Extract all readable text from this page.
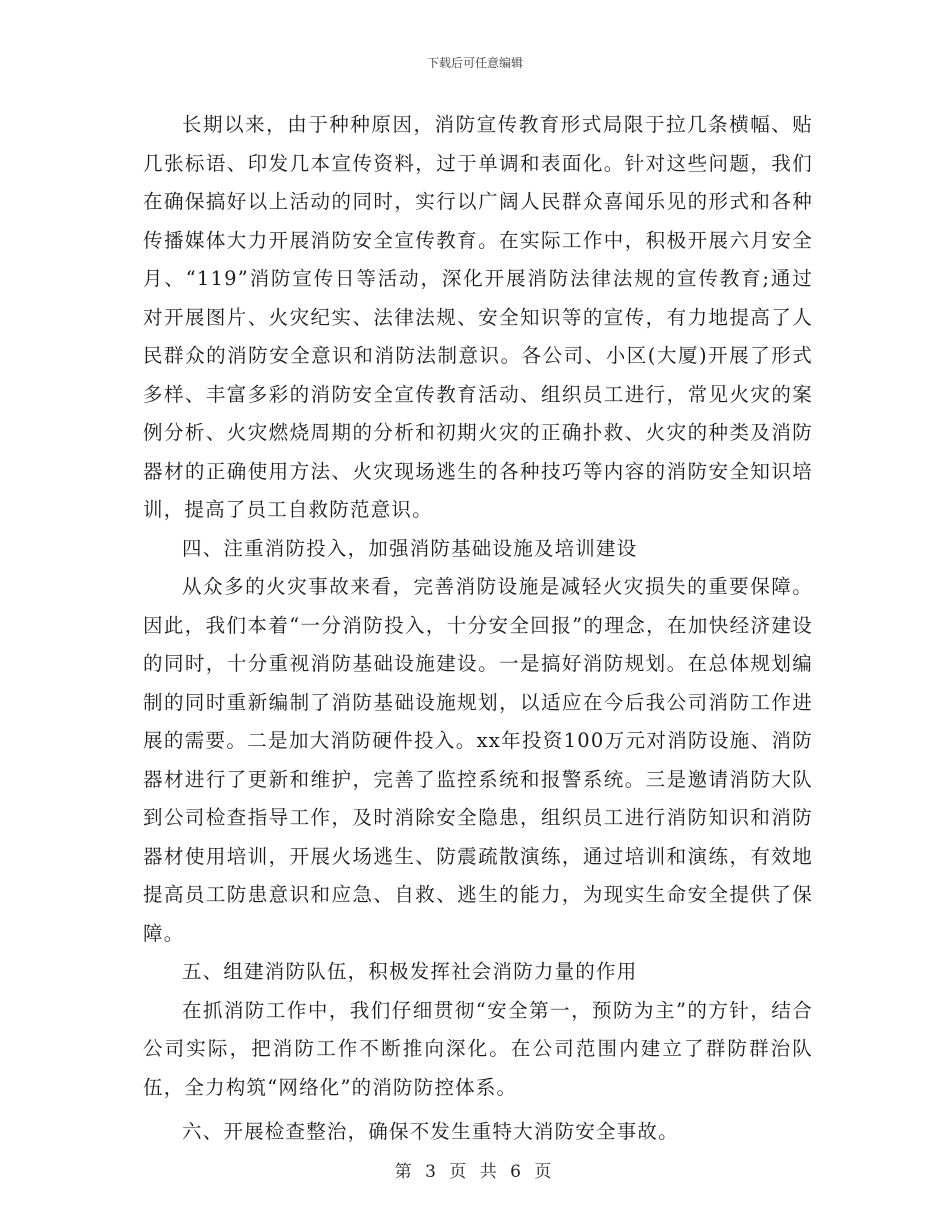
下载后可任意编辑

长期以来，由于种种原因，消防宣传教育形式局限于拉几条横幅、贴几张标语、印发几本宣传资料，过于单调和表面化。针对这些问题，我们在确保搞好以上活动的同时，实行以广阔人民群众喜闻乐见的形式和各种传播媒体大力开展消防安全宣传教育。在实际工作中，积极开展六月安全月、“119”消防宣传日等活动，深化开展消防法律法规的宣传教育;通过对开展图片、火灾纪实、法律法规、安全知识等的宣传，有力地提高了人民群众的消防安全意识和消防法制意识。各公司、小区(大厦)开展了形式多样、丰富多彩的消防安全宣传教育活动、组织员工进行，常见火灾的案例分析、火灾燃烧周期的分析和初期火灾的正确扑救、火灾的种类及消防器材的正确使用方法、火灾现场逃生的各种技巧等内容的消防安全知识培训，提高了员工自救防范意识。

四、注重消防投入，加强消防基础设施及培训建设

从众多的火灾事故来看，完善消防设施是减轻火灾损失的重要保障。因此，我们本着“一分消防投入，十分安全回报”的理念，在加快经济建设的同时，十分重视消防基础设施建设。一是搞好消防规划。在总体规划编制的同时重新编制了消防基础设施规划，以适应在今后我公司消防工作进展的需要。二是加大消防硬件投入。xx年投资100万元对消防设施、消防器材进行了更新和维护，完善了监控系统和报警系统。三是邀请消防大队到公司检查指导工作，及时消除安全隐患，组织员工进行消防知识和消防器材使用培训，开展火场逃生、防震疏散演练，通过培训和演练，有效地提高员工防患意识和应急、自救、逃生的能力，为现实生命安全提供了保障。

五、组建消防队伍，积极发挥社会消防力量的作用

在抓消防工作中，我们仔细贯彻“安全第一，预防为主”的方针，结合公司实际，把消防工作不断推向深化。在公司范围内建立了群防群治队伍，全力构筑“网络化”的消防防控体系。

六、开展检查整治，确保不发生重特大消防安全事故。

第 3 页 共 6 页
